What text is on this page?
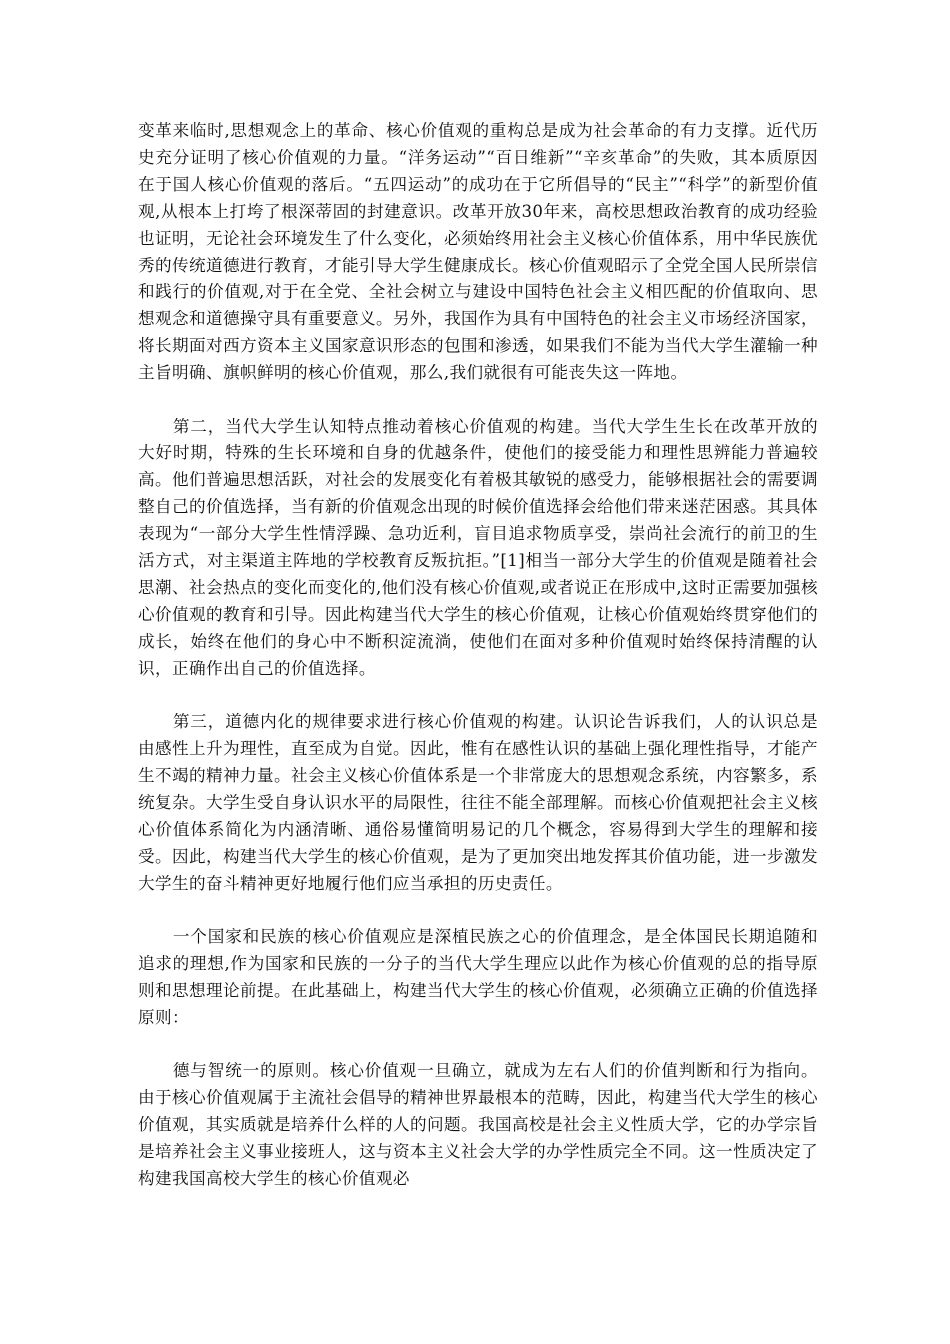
变革来临时,思想观念上的革命、核心价值观的重构总是成为社会革命的有力支撑。近代历史充分证明了核心价值观的力量。“洋务运动”“百日维新”“辛亥革命”的失败，其本质原因在于国人核心价值观的落后。“五四运动”的成功在于它所倡导的“民主”“科学”的新型价值观,从根本上打垮了根深蒂固的封建意识。改革开放30年来，高校思想政治教育的成功经验也证明，无论社会环境发生了什么变化，必须始终用社会主义核心价值体系，用中华民族优秀的传统道德进行教育，才能引导大学生健康成长。核心价值观昭示了全党全国人民所崇信和践行的价值观,对于在全党、全社会树立与建设中国特色社会主义相匹配的价值取向、思想观念和道德操守具有重要意义。另外，我国作为具有中国特色的社会主义市场经济国家，将长期面对西方资本主义国家意识形态的包围和渗透，如果我们不能为当代大学生灌输一种主旨明确、旗帜鲜明的核心价值观，那么,我们就很有可能丧失这一阵地。

第二，当代大学生认知特点推动着核心价值观的构建。当代大学生生长在改革开放的大好时期，特殊的生长环境和自身的优越条件，使他们的接受能力和理性思辨能力普遍较高。他们普遍思想活跃，对社会的发展变化有着极其敏锐的感受力，能够根据社会的需要调整自己的价值选择，当有新的价值观念出现的时候价值选择会给他们带来迷茫困惑。其具体表现为“一部分大学生性情浮躁、急功近利，盲目追求物质享受，崇尚社会流行的前卫的生活方式，对主渠道主阵地的学校教育反叛抗拒。”[1]相当一部分大学生的价值观是随着社会思潮、社会热点的变化而变化的,他们没有核心价值观,或者说正在形成中,这时正需要加强核心价值观的教育和引导。因此构建当代大学生的核心价值观，让核心价值观始终贯穿他们的成长，始终在他们的身心中不断积淀流淌，使他们在面对多种价值观时始终保持清醒的认识，正确作出自己的价值选择。

第三，道德内化的规律要求进行核心价值观的构建。认识论告诉我们，人的认识总是由感性上升为理性，直至成为自觉。因此，惟有在感性认识的基础上强化理性指导，才能产生不竭的精神力量。社会主义核心价值体系是一个非常庞大的思想观念系统，内容繁多，系统复杂。大学生受自身认识水平的局限性，往往不能全部理解。而核心价值观把社会主义核心价值体系简化为内涵清晰、通俗易懂简明易记的几个概念，容易得到大学生的理解和接受。因此，构建当代大学生的核心价值观，是为了更加突出地发挥其价值功能，进一步激发大学生的奋斗精神更好地履行他们应当承担的历史责任。

一个国家和民族的核心价值观应是深植民族之心的价值理念，是全体国民长期追随和追求的理想,作为国家和民族的一分子的当代大学生理应以此作为核心价值观的总的指导原则和思想理论前提。在此基础上，构建当代大学生的核心价值观，必须确立正确的价值选择原则：

德与智统一的原则。核心价值观一旦确立，就成为左右人们的价值判断和行为指向。由于核心价值观属于主流社会倡导的精神世界最根本的范畴，因此，构建当代大学生的核心价值观，其实质就是培养什么样的人的问题。我国高校是社会主义性质大学，它的办学宗旨是培养社会主义事业接班人，这与资本主义社会大学的办学性质完全不同。这一性质决定了构建我国高校大学生的核心价值观必
